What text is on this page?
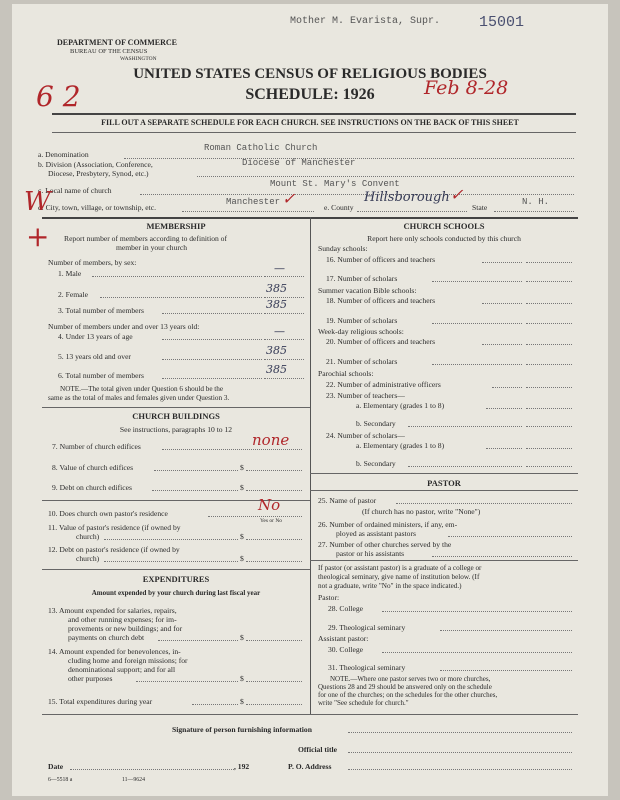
Mother M. Evarista, Supr.	15001
DEPARTMENT OF COMMERCE
BUREAU OF THE CENSUS
WASHINGTON
UNITED STATES CENSUS OF RELIGIOUS BODIES
SCHEDULE: 1926
6 2	Feb 8-28
FILL OUT A SEPARATE SCHEDULE FOR EACH CHURCH. SEE INSTRUCTIONS ON THE BACK OF THIS SHEET
a. Denomination
Roman Catholic Church
b. Division (Association, Conference,
Diocese, Presbytery, Synod, etc.)
Diocese of Manchester
c. Local name of church
Mount St. Mary's Convent
d. City, town, village, or township, etc.
Manchester ✓	e. County
Hillsborough ✓
State
N. H.
W
+	MEMBERSHIP
Report number of members according to definition of
member in your church
Number of members, by sex:
1. Male	—
2. Female	385
3. Total number of members	385
Number of members under and over 13 years old:
4. Under 13 years of age	—
5. 13 years old and over	385
6. Total number of members	385
NOTE.—The total given under Question 6 should be the
same as the total of males and females given under Question 3.
CHURCH BUILDINGS
See instructions, paragraphs 10 to 12
7. Number of church edifices	none
8. Value of church edifices	$
9. Debt on church edifices	$
10. Does church own pastor's residence	No
Yes or No
11. Value of pastor's residence (if owned by
church)	$
12. Debt on pastor's residence (if owned by
church)	$
EXPENDITURES
Amount expended by your church during last fiscal year
13. Amount expended for salaries, repairs,
and other running expenses; for im-
provements or new buildings; and for
payments on church debt	$
14. Amount expended for benevolences, in-
cluding home and foreign missions; for
denominational support; and for all
other purposes	$
15. Total expenditures during year	$
CHURCH SCHOOLS
Report here only schools conducted by this church
Sunday schools:
16. Number of officers and teachers
17. Number of scholars
Summer vacation Bible schools:
18. Number of officers and teachers
19. Number of scholars
Week-day religious schools:
20. Number of officers and teachers
21. Number of scholars
Parochial schools:
22. Number of administrative officers
23. Number of teachers—
a. Elementary (grades 1 to 8)
b. Secondary
24. Number of scholars—
a. Elementary (grades 1 to 8)
b. Secondary
PASTOR
25. Name of pastor
(If church has no pastor, write "None")
26. Number of ordained ministers, if any, em-
ployed as assistant pastors
27. Number of other churches served by the
pastor or his assistants
If pastor (or assistant pastor) is a graduate of a college or
theological seminary, give name of institution below. (If
not a graduate, write "No" in the space indicated.)
Pastor:
28. College
29. Theological seminary
Assistant pastor:
30. College
31. Theological seminary
NOTE.—Where one pastor serves two or more churches,
Questions 28 and 29 should be answered only on the schedule
for one of the churches; on the schedules for the other churches,
write "See schedule for church."
Signature of person furnishing information
Official title
Date	, 192	P. O. Address
6—5518 a	11—9624
